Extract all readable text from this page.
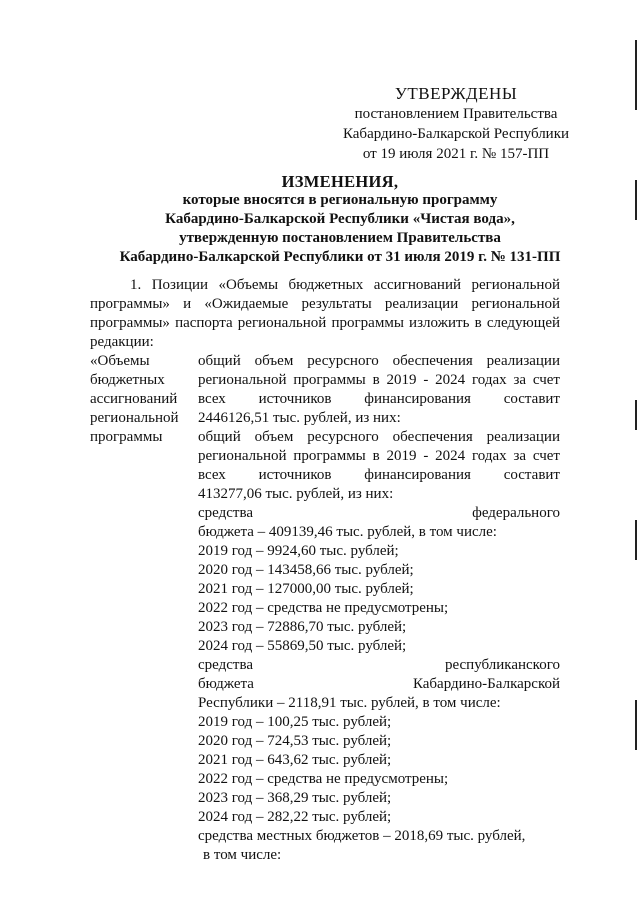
УТВЕРЖДЕНЫ
постановлением Правительства
Кабардино-Балкарской Республики
от 19 июля 2021 г. № 157-ПП
ИЗМЕНЕНИЯ,
которые вносятся в региональную программу
Кабардино-Балкарской Республики «Чистая вода»,
утвержденную постановлением Правительства
Кабардино-Балкарской Республики от 31 июля 2019 г. № 131-ПП
1. Позиции «Объемы бюджетных ассигнований региональной
программы» и «Ожидаемые результаты реализации региональной
программы» паспорта региональной программы изложить в следующей
редакции:
«Объемы
бюджетных
ассигнований
региональной
программы
общий объем ресурсного обеспечения реализации
региональной программы в 2019 - 2024 годах за счет
всех источников финансирования составит
2446126,51 тыс. рублей, из них:
общий объем ресурсного обеспечения реализации
региональной программы в 2019 - 2024 годах за счет
всех источников финансирования составит
413277,06 тыс. рублей, из них:
средства федерального
бюджета – 409139,46 тыс. рублей, в том числе:
2019 год – 9924,60 тыс. рублей;
2020 год – 143458,66 тыс. рублей;
2021 год – 127000,00 тыс. рублей;
2022 год – средства не предусмотрены;
2023 год – 72886,70 тыс. рублей;
2024 год – 55869,50 тыс. рублей;
средства республиканского
бюджета Кабардино-Балкарской
Республики – 2118,91 тыс. рублей, в том числе:
2019 год – 100,25 тыс. рублей;
2020 год – 724,53 тыс. рублей;
2021 год – 643,62 тыс. рублей;
2022 год – средства не предусмотрены;
2023 год – 368,29 тыс. рублей;
2024 год – 282,22 тыс. рублей;
средства местных бюджетов – 2018,69 тыс. рублей,
в том числе:
